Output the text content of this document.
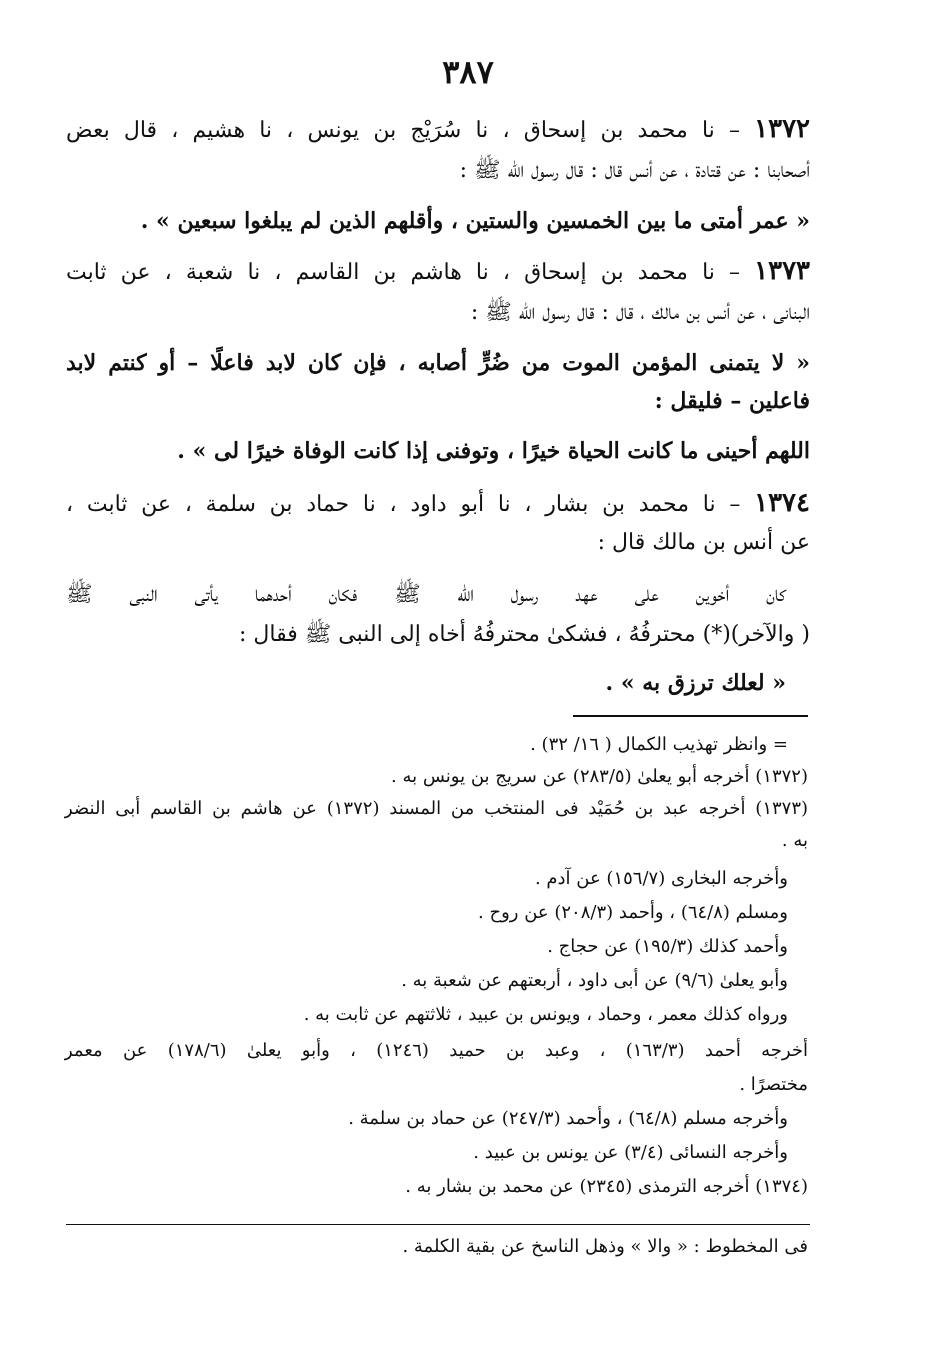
٣٨٧
١٣٧٢ – نا محمد بن إسحاق ، نا سُرَيْج بن يونس ، نا هشيم ، قال بعض
أصحابنا : عن قتادة ، عن أنس قال : قال رسول الله ﷺ :
« عمر أمتى ما بين الخمسين والستين ، وأقلهم الذين لم يبلغوا سبعين » .
١٣٧٣ – نا محمد بن إسحاق ، نا هاشم بن القاسم ، نا شعبة ، عن ثابت
البنانى ، عن أنس بن مالك ، قال : قال رسول الله ﷺ :
« لا يتمنى المؤمن الموت من ضُرٍّ أصابه ، فإن كان لابد فاعلًا – أو كنتم لابد
فاعلين – فليقل :
اللهم أحينى ما كانت الحياة خيرًا ، وتوفنى إذا كانت الوفاة خيرًا لى » .
١٣٧٤ – نا محمد بن بشار ، نا أبو داود ، نا حماد بن سلمة ، عن ثابت ،
عن أنس بن مالك قال :
كان أخوين على عهد رسول الله ﷺ فكان أحدهما يأتى النبى ﷺ
( والآخر)(*) محترفُهُ ، فشكىٰ محترفُهُ أخاه إلى النبى ﷺ فقال :
« لعلك ترزق به » .
= وانظر تهذيب الكمال ( ١٦/ ٣٢) .
(١٣٧٢) أخرجه أبو يعلىٰ (٢٨٣/٥) عن سريج بن يونس به .
(١٣٧٣) أخرجه عبد بن حُمَيْد فى المنتخب من المسند (١٣٧٢) عن هاشم بن القاسم أبى النضر
به .
وأخرجه البخارى (١٥٦/٧) عن آدم .
ومسلم (٦٤/٨) ، وأحمد (٢٠٨/٣) عن روح .
وأحمد كذلك (١٩٥/٣) عن حجاج .
وأبو يعلىٰ (٩/٦) عن أبى داود ، أربعتهم عن شعبة به .
ورواه كذلك معمر ، وحماد ، ويونس بن عبيد ، ثلاثتهم عن ثابت به .
أخرجه أحمد (١٦٣/٣) ، وعبد بن حميد (١٢٤٦) ، وأبو يعلىٰ (١٧٨/٦) عن معمر
مختصرًا .
وأخرجه مسلم (٦٤/٨) ، وأحمد (٢٤٧/٣) عن حماد بن سلمة .
وأخرجه النسائى (٣/٤) عن يونس بن عبيد .
(١٣٧٤) أخرجه الترمذى (٢٣٤٥) عن محمد بن بشار به .
فى المخطوط : « والا » وذهل الناسخ عن بقية الكلمة .
